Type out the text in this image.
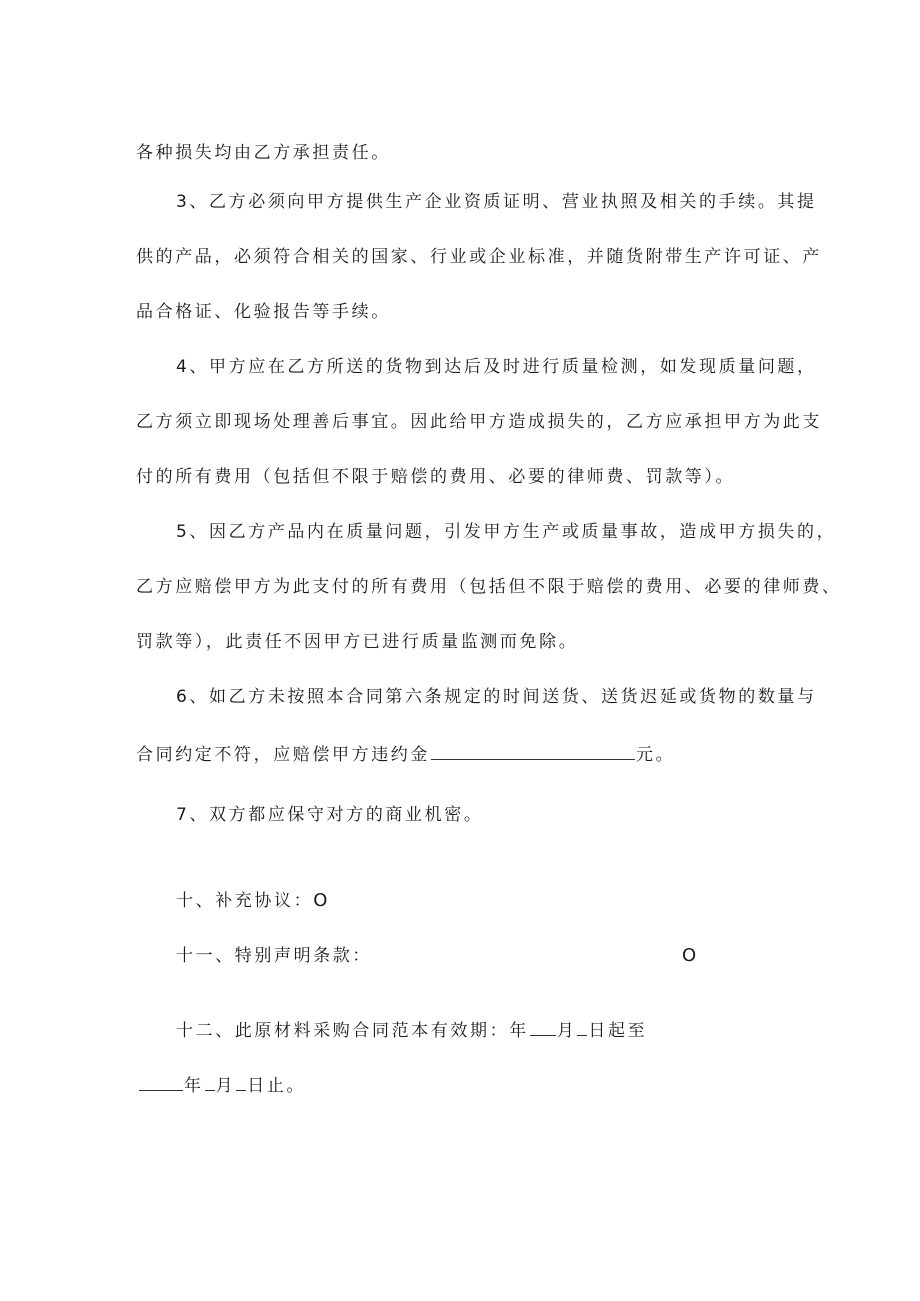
各种损失均由乙方承担责任。
3、乙方必须向甲方提供生产企业资质证明、营业执照及相关的手续。其提
供的产品，必须符合相关的国家、行业或企业标准，并随货附带生产许可证、产
品合格证、化验报告等手续。
4、甲方应在乙方所送的货物到达后及时进行质量检测，如发现质量问题，
乙方须立即现场处理善后事宜。因此给甲方造成损失的，乙方应承担甲方为此支
付的所有费用（包括但不限于赔偿的费用、必要的律师费、罚款等）。
5、因乙方产品内在质量问题，引发甲方生产或质量事故，造成甲方损失的，
乙方应赔偿甲方为此支付的所有费用（包括但不限于赔偿的费用、必要的律师费、
罚款等），此责任不因甲方已进行质量监测而免除。
6、如乙方未按照本合同第六条规定的时间送货、送货迟延或货物的数量与
合同约定不符，应赔偿甲方违约金	元。
7、双方都应保守对方的商业机密。
十、补充协议：O
十一、特别声明条款：	O
十二、此原材料采购合同范本有效期：年 月 日起至
年 月 日止。
